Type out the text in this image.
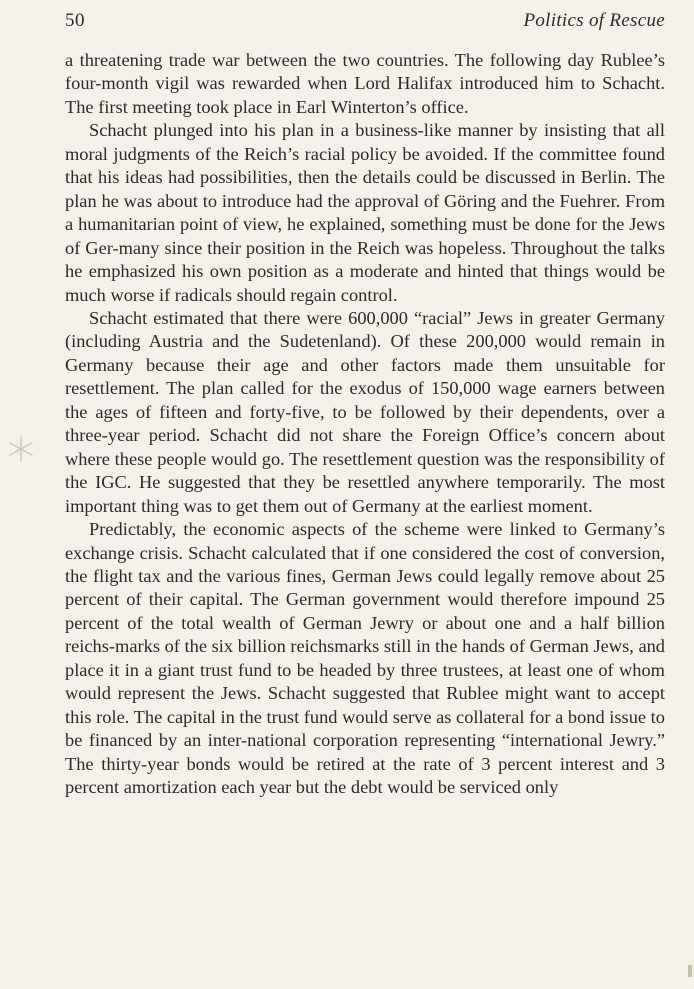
50	Politics of Rescue

a threatening trade war between the two countries. The following day Rublee’s four-month vigil was rewarded when Lord Halifax introduced him to Schacht. The first meeting took place in Earl Winterton’s office.

Schacht plunged into his plan in a business-like manner by insisting that all moral judgments of the Reich’s racial policy be avoided. If the committee found that his ideas had possibilities, then the details could be discussed in Berlin. The plan he was about to introduce had the approval of Göring and the Fuehrer. From a humanitarian point of view, he explained, something must be done for the Jews of Ger-many since their position in the Reich was hopeless. Throughout the talks he emphasized his own position as a moderate and hinted that things would be much worse if radicals should regain control.

Schacht estimated that there were 600,000 “racial” Jews in greater Germany (including Austria and the Sudetenland). Of these 200,000 would remain in Germany because their age and other factors made them unsuitable for resettlement. The plan called for the exodus of 150,000 wage earners between the ages of fifteen and forty-five, to be followed by their dependents, over a three-year period. Schacht did not share the Foreign Office’s concern about where these people would go. The resettlement question was the responsibility of the IGC. He suggested that they be resettled anywhere temporarily. The most important thing was to get them out of Germany at the earliest moment.

Predictably, the economic aspects of the scheme were linked to Germany’s exchange crisis. Schacht calculated that if one considered the cost of conversion, the flight tax and the various fines, German Jews could legally remove about 25 percent of their capital. The German government would therefore impound 25 percent of the total wealth of German Jewry or about one and a half billion reichs-marks of the six billion reichsmarks still in the hands of German Jews, and place it in a giant trust fund to be headed by three trustees, at least one of whom would represent the Jews. Schacht suggested that Rublee might want to accept this role. The capital in the trust fund would serve as collateral for a bond issue to be financed by an inter-national corporation representing “international Jewry.” The thirty-year bonds would be retired at the rate of 3 percent interest and 3 percent amortization each year but the debt would be serviced only
